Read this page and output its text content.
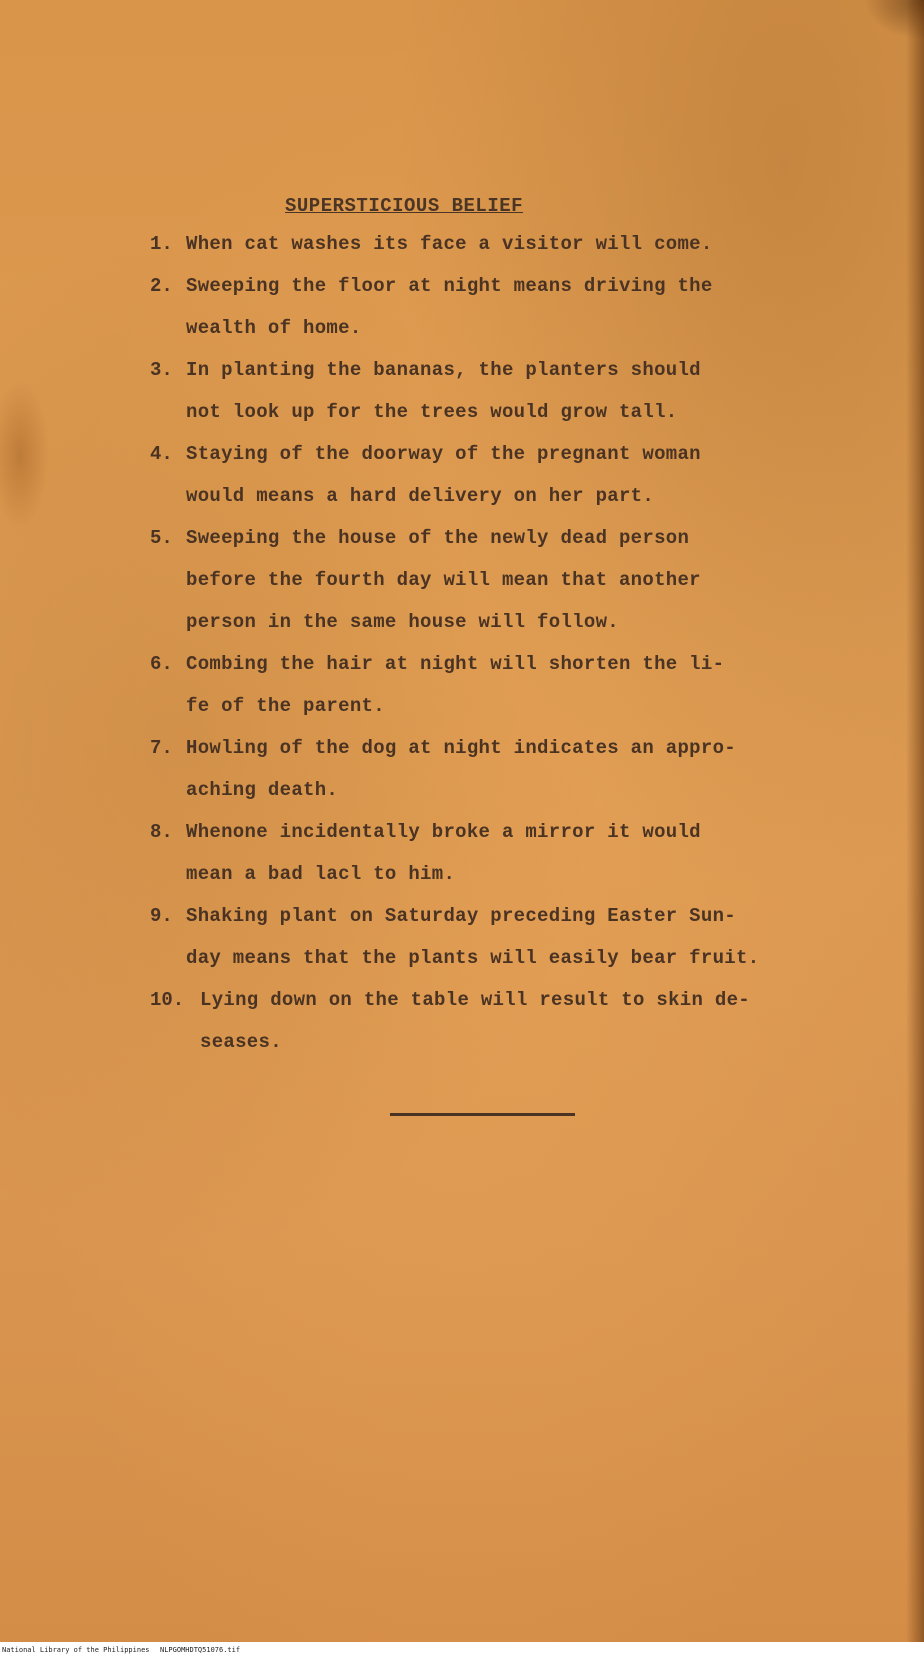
SUPERSTICIOUS BELIEF
1. When cat washes its face a visitor will come.
2. Sweeping the floor at night means driving the
wealth of home.
3. In planting the bananas, the planters should
not look up for the trees would grow tall.
4. Staying of the doorway of the pregnant woman
would means a hard delivery on her part.
5. Sweeping the house of the newly dead person
before the fourth day will mean that another
person in the same house will follow.
6. Combing the hair at night will shorten the li-
fe of the parent.
7. Howling of the dog at night indicates an appro-
aching death.
8. Whenone incidentally broke a mirror it would
mean a bad lacl to him.
9. Shaking plant on Saturday preceding Easter Sun-
day means that the plants will easily bear fruit.
10. Lying down on the table will result to skin de-
seases.
National Library of the Philippines NLPGOMHDTQ51076.tif
